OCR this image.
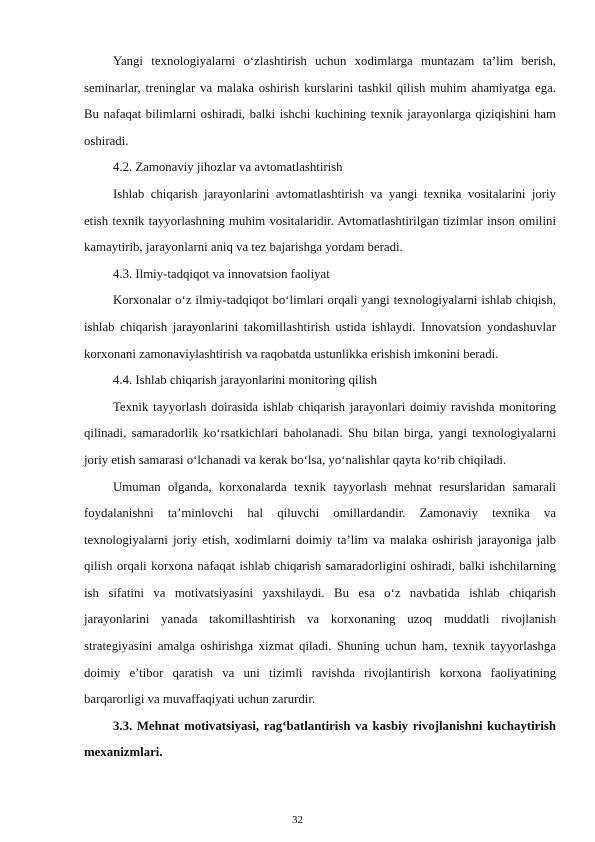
Yangi texnologiyalarni o‘zlashtirish uchun xodimlarga muntazam ta’lim berish, seminarlar, treninglar va malaka oshirish kurslarini tashkil qilish muhim ahamiyatga ega. Bu nafaqat bilimlarni oshiradi, balki ishchi kuchining texnik jarayonlarga qiziqishini ham oshiradi.

4.2. Zamonaviy jihozlar va avtomatlashtirish

Ishlab chiqarish jarayonlarini avtomatlashtirish va yangi texnika vositalarini joriy etish texnik tayyorlashning muhim vositalaridir. Avtomatlashtirilgan tizimlar inson omilini kamaytirib, jarayonlarni aniq va tez bajarishga yordam beradi.

4.3. Ilmiy-tadqiqot va innovatsion faoliyat

Korxonalar o‘z ilmiy-tadqiqot bo‘limlari orqali yangi texnologiyalarni ishlab chiqish, ishlab chiqarish jarayonlarini takomillashtirish ustida ishlaydi. Innovatsion yondashuvlar korxonani zamonaviylashtirish va raqobatda ustunlikka erishish imkonini beradi.

4.4. Ishlab chiqarish jarayonlarini monitoring qilish

Texnik tayyorlash doirasida ishlab chiqarish jarayonlari doimiy ravishda monitoring qilinadi, samaradorlik ko‘rsatkichlari baholanadi. Shu bilan birga, yangi texnologiyalarni joriy etish samarasi o‘lchanadi va kerak bo‘lsa, yo‘nalishlar qayta ko‘rib chiqiladi.

Umuman olganda, korxonalarda texnik tayyorlash mehnat resurslaridan samarali foydalanishni ta’minlovchi hal qiluvchi omillardandir. Zamonaviy texnika va texnologiyalarni joriy etish, xodimlarni doimiy ta’lim va malaka oshirish jarayoniga jalb qilish orqali korxona nafaqat ishlab chiqarish samaradorligini oshiradi, balki ishchilarning ish sifatini va motivatsiyasini yaxshilaydi. Bu esa o‘z navbatida ishlab chiqarish jarayonlarini yanada takomillashtirish va korxonaning uzoq muddatli rivojlanish strategiyasini amalga oshirishga xizmat qiladi. Shuning uchun ham, texnik tayyorlashga doimiy e’tibor qaratish va uni tizimli ravishda rivojlantirish korxona faoliyatining barqarorligi va muvaffaqiyati uchun zarurdir.

3.3. Mehnat motivatsiyasi, rag‘batlantirish va kasbiy rivojlanishni kuchaytirish mexanizmlari.

32
